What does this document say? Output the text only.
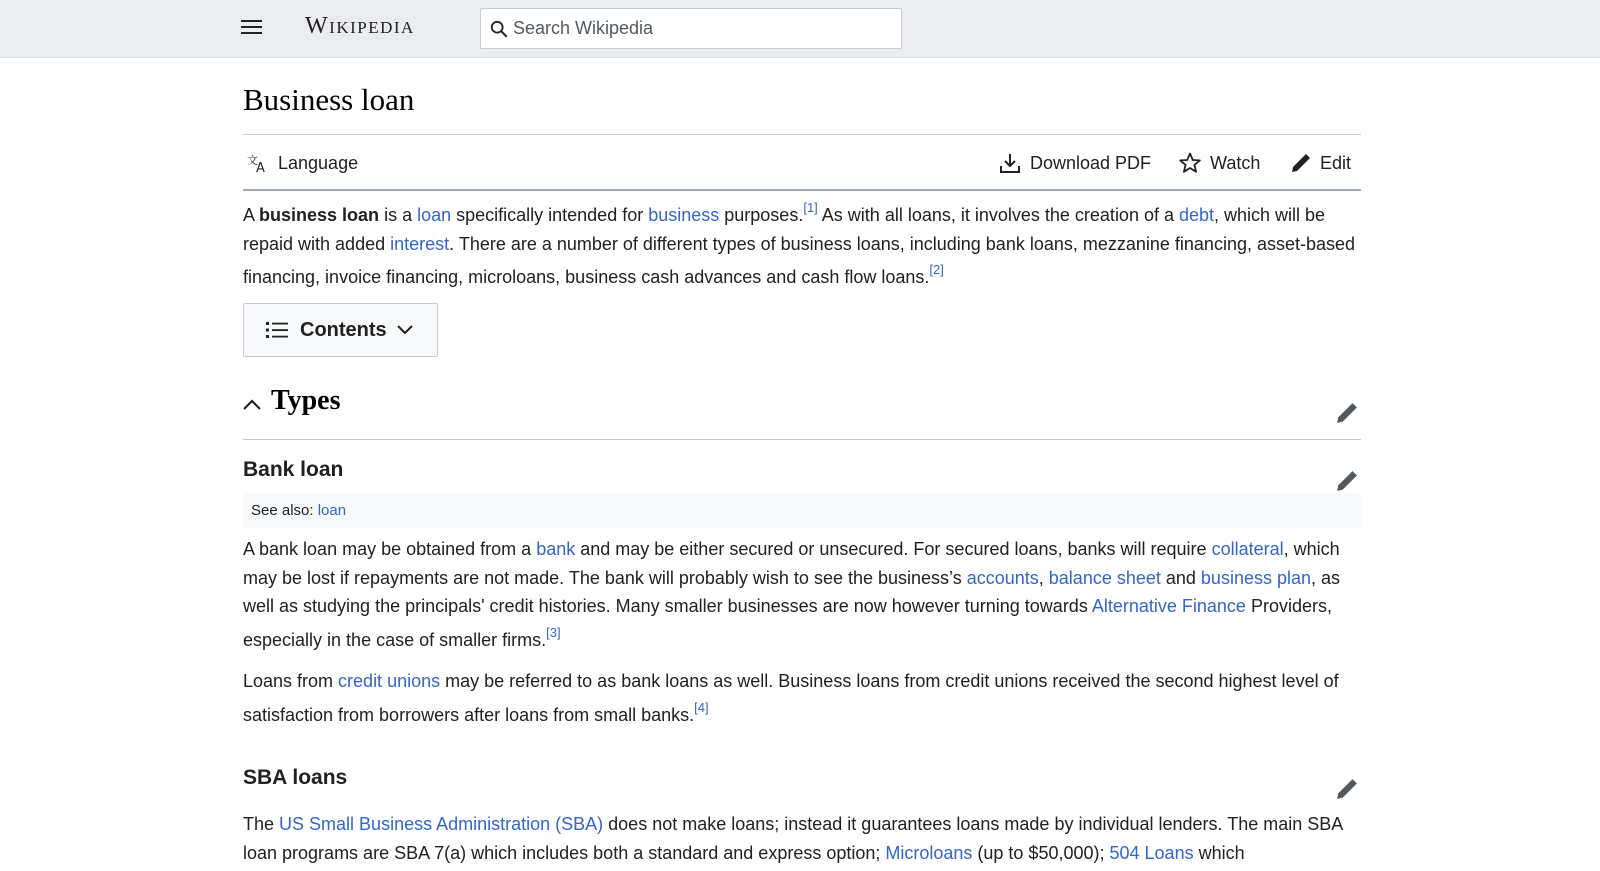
Wikipedia
Search Wikipedia
Business loan
文
A Language	Download PDF	Watch	Edit

A business loan is a loan specifically intended for business purposes.[1] As with all loans, it involves the creation of a debt, which will be repaid with added interest. There are a number of different types of business loans, including bank loans, mezzanine financing, asset-based financing, invoice financing, microloans, business cash advances and cash flow loans.[2]

Contents
Types
Bank loan
See also: loan

A bank loan may be obtained from a bank and may be either secured or unsecured. For secured loans, banks will require collateral, which may be lost if repayments are not made. The bank will probably wish to see the business’s accounts, balance sheet and business plan, as well as studying the principals' credit histories. Many smaller businesses are now however turning towards Alternative Finance Providers, especially in the case of smaller firms.[3]

Loans from credit unions may be referred to as bank loans as well. Business loans from credit unions received the second highest level of satisfaction from borrowers after loans from small banks.[4]

SBA loans

The US Small Business Administration (SBA) does not make loans; instead it guarantees loans made by individual lenders. The main SBA loan programs are SBA 7(a) which includes both a standard and express option; Microloans (up to $50,000); 504 Loans which
